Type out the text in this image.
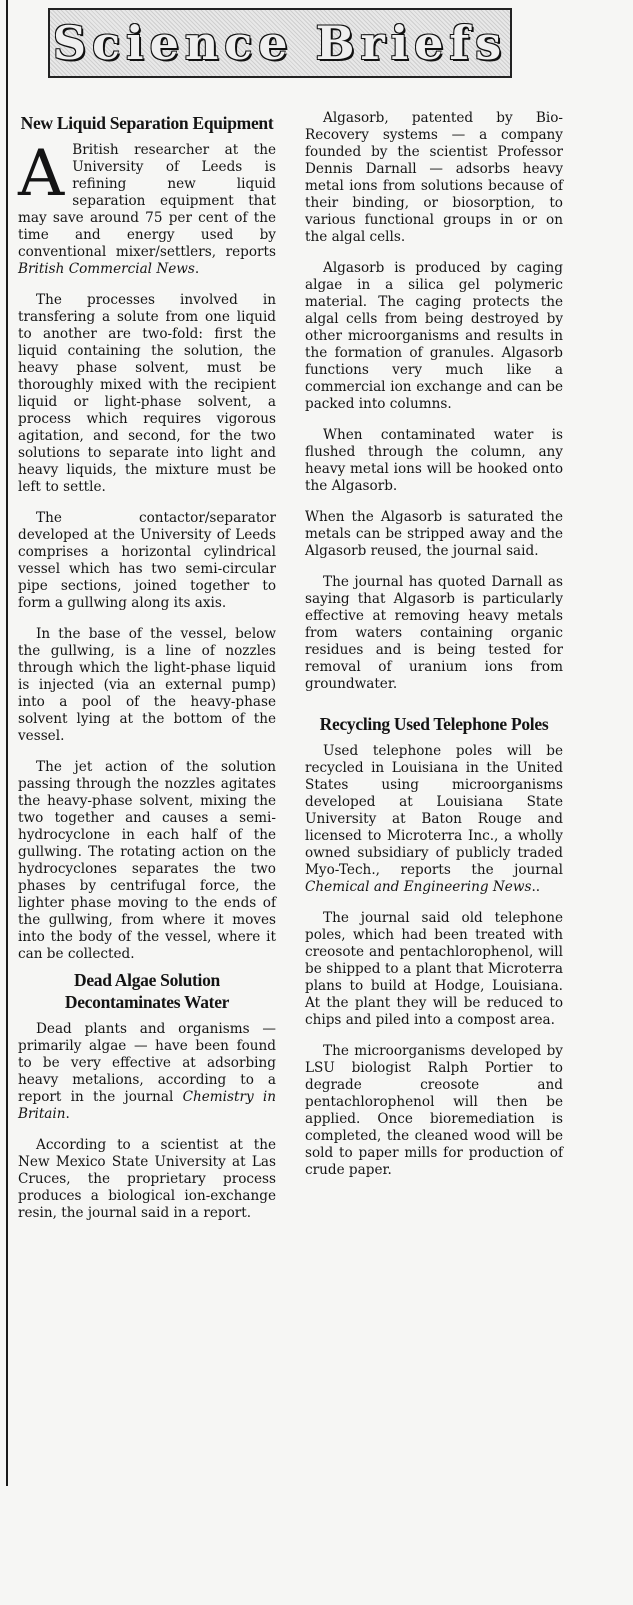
Science Briefs
New Liquid Separation Equipment

A British researcher at the University of Leeds is refining new liquid separation equipment that may save around 75 per cent of the time and energy used by conventional mixer/settlers, reports British Commercial News.

The processes involved in transfering a solute from one liquid to another are two-fold: first the liquid containing the solution, the heavy phase solvent, must be thoroughly mixed with the recipient liquid or light-phase solvent, a process which requires vigorous agitation, and second, for the two solutions to separate into light and heavy liquids, the mixture must be left to settle.

The contactor/separator developed at the University of Leeds comprises a horizontal cylindrical vessel which has two semi-circular pipe sections, joined together to form a gullwing along its axis.

In the base of the vessel, below the gullwing, is a line of nozzles through which the light-phase liquid is injected (via an external pump) into a pool of the heavy-phase solvent lying at the bottom of the vessel.

The jet action of the solution passing through the nozzles agitates the heavy-phase solvent, mixing the two together and causes a semi-hydrocyclone in each half of the gullwing. The rotating action on the hydrocyclones separates the two phases by centrifugal force, the lighter phase moving to the ends of the gullwing, from where it moves into the body of the vessel, where it can be collected.

Dead Algae Solution Decontaminates Water

Dead plants and organisms — primarily algae — have been found to be very effective at adsorbing heavy metalions, according to a report in the journal Chemistry in Britain.

According to a scientist at the New Mexico State University at Las Cruces, the proprietary process produces a biological ion-exchange resin, the journal said in a report.

Algasorb, patented by Bio-Recovery systems — a company founded by the scientist Professor Dennis Darnall — adsorbs heavy metal ions from solutions because of their binding, or biosorption, to various functional groups in or on the algal cells.

Algasorb is produced by caging algae in a silica gel polymeric material. The caging protects the algal cells from being destroyed by other microorganisms and results in the formation of granules. Algasorb functions very much like a commercial ion exchange and can be packed into columns.

When contaminated water is flushed through the column, any heavy metal ions will be hooked onto the Algasorb.

When the Algasorb is saturated the metals can be stripped away and the Algasorb reused, the journal said.

The journal has quoted Darnall as saying that Algasorb is particularly effective at removing heavy metals from waters containing organic residues and is being tested for removal of uranium ions from groundwater.

Recycling Used Telephone Poles

Used telephone poles will be recycled in Louisiana in the United States using microorganisms developed at Louisiana State University at Baton Rouge and licensed to Microterra Inc., a wholly owned subsidiary of publicly traded Myo-Tech., reports the journal Chemical and Engineering News..

The journal said old telephone poles, which had been treated with creosote and pentachlorophenol, will be shipped to a plant that Microterra plans to build at Hodge, Louisiana. At the plant they will be reduced to chips and piled into a compost area.

The microorganisms developed by LSU biologist Ralph Portier to degrade creosote and pentachlorophenol will then be applied. Once bioremediation is completed, the cleaned wood will be sold to paper mills for production of crude paper.
